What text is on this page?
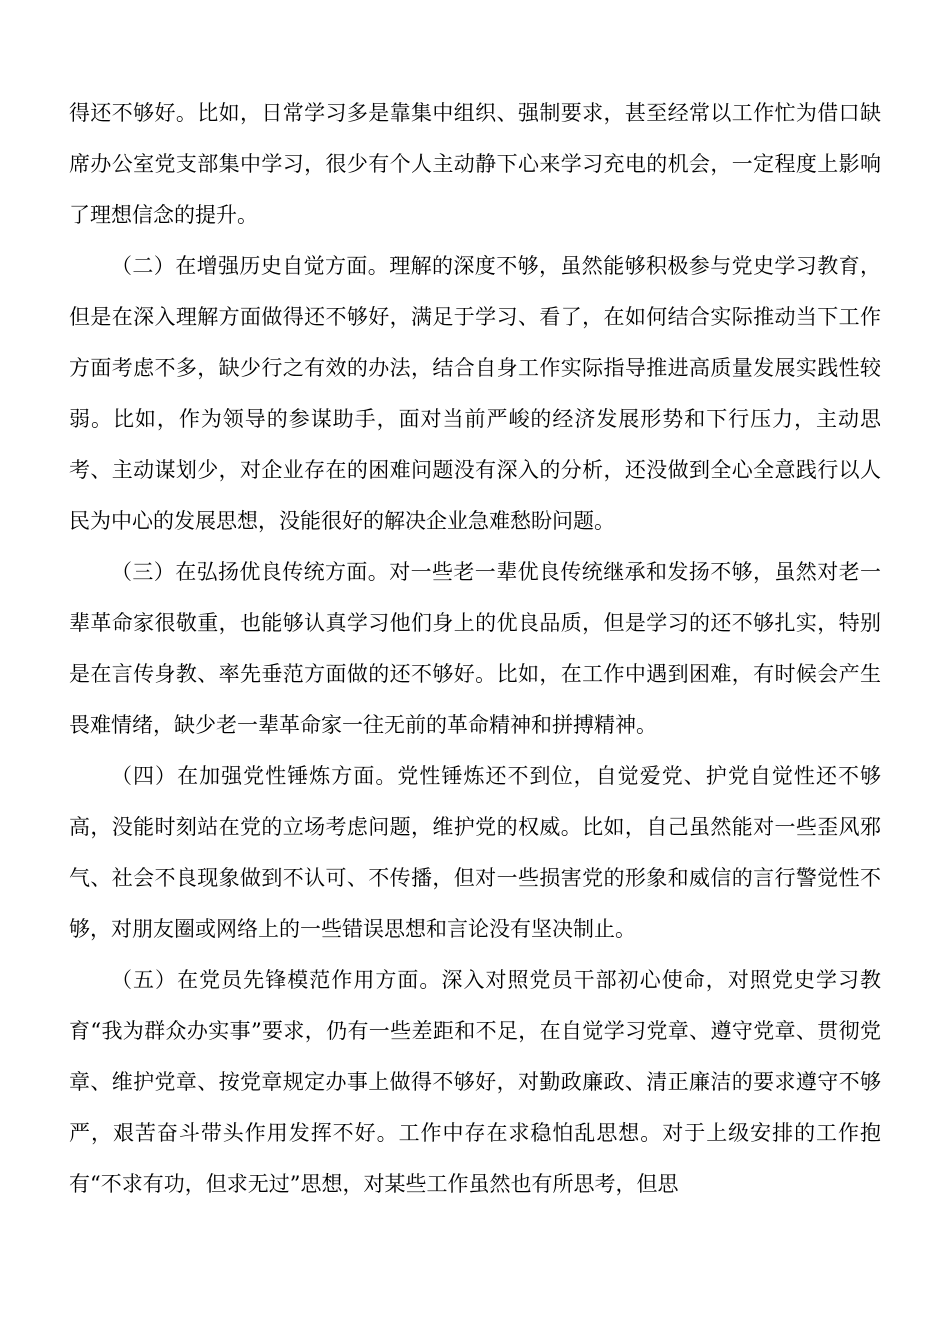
得还不够好。比如，日常学习多是靠集中组织、强制要求，甚至经常以工作忙为借口缺席办公室党支部集中学习，很少有个人主动静下心来学习充电的机会，一定程度上影响了理想信念的提升。

（二）在增强历史自觉方面。理解的深度不够，虽然能够积极参与党史学习教育，但是在深入理解方面做得还不够好，满足于学习、看了，在如何结合实际推动当下工作方面考虑不多，缺少行之有效的办法，结合自身工作实际指导推进高质量发展实践性较弱。比如，作为领导的参谋助手，面对当前严峻的经济发展形势和下行压力，主动思考、主动谋划少，对企业存在的困难问题没有深入的分析，还没做到全心全意践行以人民为中心的发展思想，没能很好的解决企业急难愁盼问题。

（三）在弘扬优良传统方面。对一些老一辈优良传统继承和发扬不够，虽然对老一辈革命家很敬重，也能够认真学习他们身上的优良品质，但是学习的还不够扎实，特别是在言传身教、率先垂范方面做的还不够好。比如，在工作中遇到困难，有时候会产生畏难情绪，缺少老一辈革命家一往无前的革命精神和拼搏精神。

（四）在加强党性锤炼方面。党性锤炼还不到位，自觉爱党、护党自觉性还不够高，没能时刻站在党的立场考虑问题，维护党的权威。比如，自己虽然能对一些歪风邪气、社会不良现象做到不认可、不传播，但对一些损害党的形象和威信的言行警觉性不够，对朋友圈或网络上的一些错误思想和言论没有坚决制止。

（五）在党员先锋模范作用方面。深入对照党员干部初心使命，对照党史学习教育“我为群众办实事”要求，仍有一些差距和不足，在自觉学习党章、遵守党章、贯彻党章、维护党章、按党章规定办事上做得不够好，对勤政廉政、清正廉洁的要求遵守不够严，艰苦奋斗带头作用发挥不好。工作中存在求稳怕乱思想。对于上级安排的工作抱有“不求有功，但求无过”思想，对某些工作虽然也有所思考，但思
